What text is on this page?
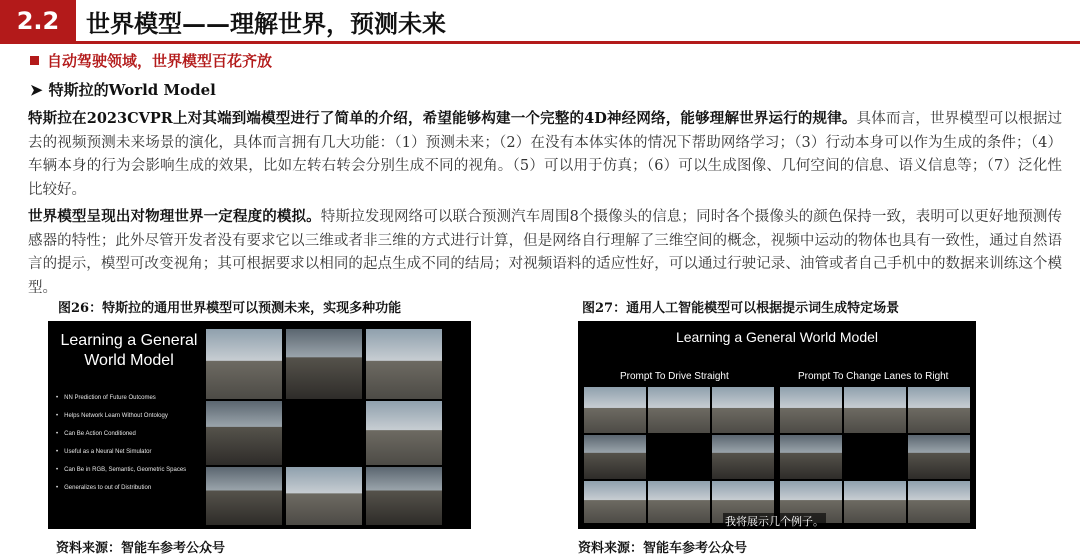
2.2	世界模型——理解世界，预测未来
自动驾驶领域，世界模型百花齐放
➤ 特斯拉的World Model
特斯拉在2023CVPR上对其端到端模型进行了简单的介绍，希望能够构建一个完整的4D神经网络，能够理解世界运行的规律。具体而言，世界模型可以根据过去的视频预测未来场景的演化，具体而言拥有几大功能：（1）预测未来；（2）在没有本体实体的情况下帮助网络学习；（3）行动本身可以作为生成的条件；（4）车辆本身的行为会影响生成的效果，比如左转右转会分别生成不同的视角。（5）可以用于仿真；（6）可以生成图像、几何空间的信息、语义信息等；（7）泛化性比较好。
世界模型呈现出对物理世界一定程度的模拟。特斯拉发现网络可以联合预测汽车周围8个摄像头的信息；同时各个摄像头的颜色保持一致，表明可以更好地预测传感器的特性；此外尽管开发者没有要求它以三维或者非三维的方式进行计算，但是网络自行理解了三维空间的概念，视频中运动的物体也具有一致性，通过自然语言的提示，模型可改变视角；其可根据要求以相同的起点生成不同的结局；对视频语料的适应性好，可以通过行驶记录、油管或者自己手机中的数据来训练这个模型。
图26：特斯拉的通用世界模型可以预测未来，实现多种功能
Learning a General World Model
• NN Prediction of Future Outcomes
• Helps Network Learn Without Ontology
• Can Be Action Conditioned
• Useful as a Neural Net Simulator
• Can Be in RGB, Semantic, Geometric Spaces
• Generalizes to out of Distribution
资料来源：智能车参考公众号
图27：通用人工智能模型可以根据提示词生成特定场景
Learning a General World Model
Prompt To Drive Straight	Prompt To Change Lanes to Right
我将展示几个例子。
资料来源：智能车参考公众号
